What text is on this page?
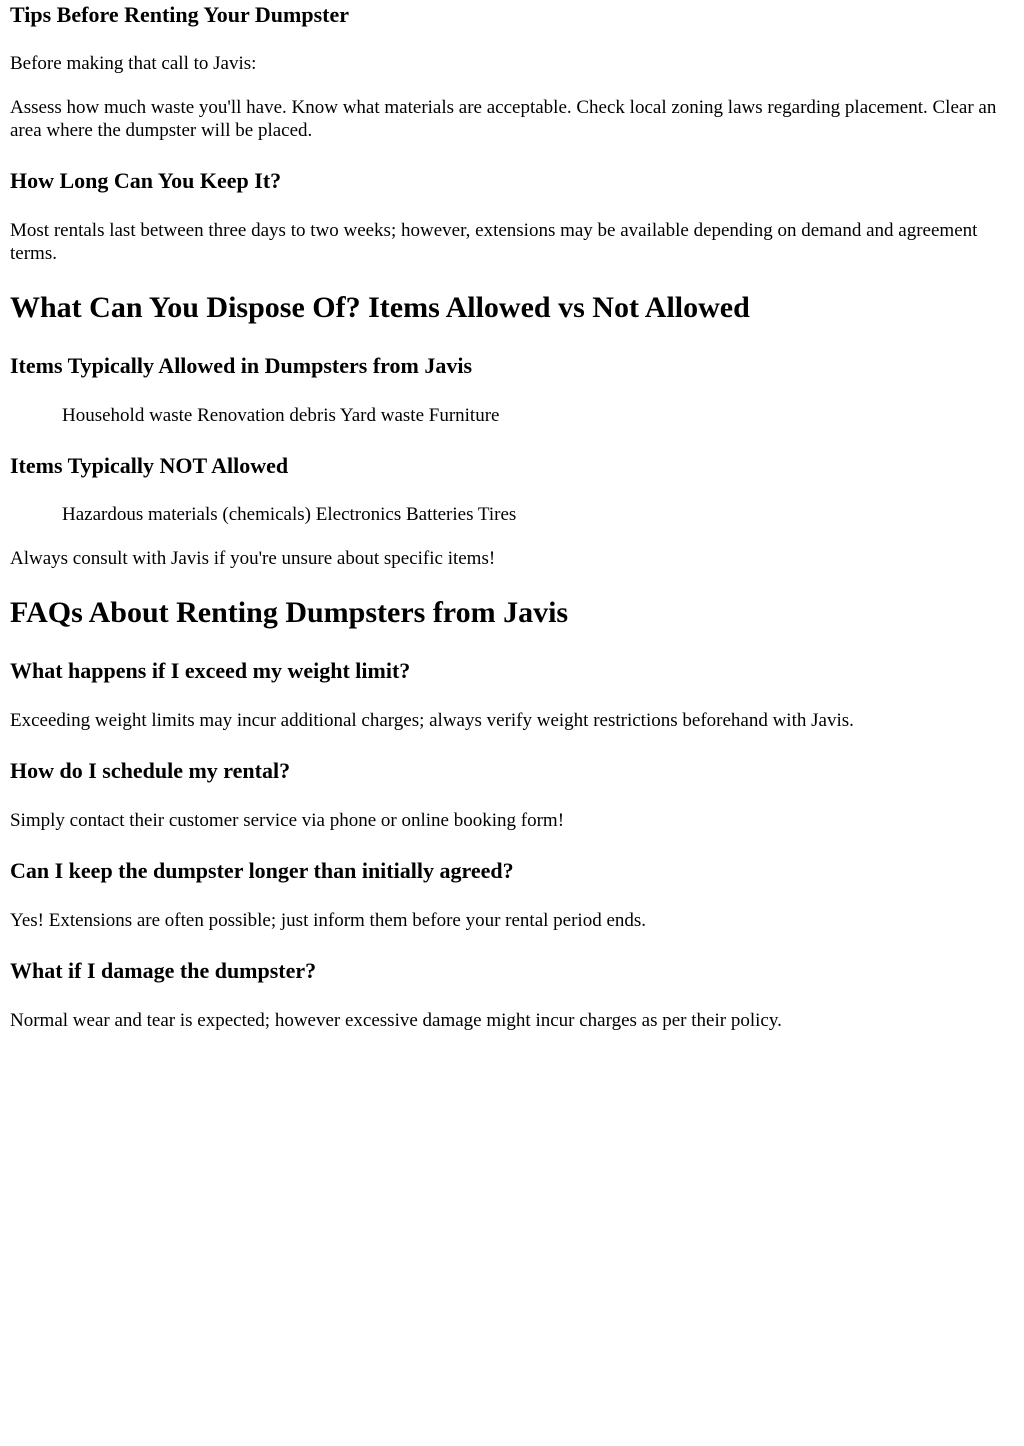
Tips Before Renting Your Dumpster

Before making that call to Javis:

Assess how much waste you'll have. Know what materials are acceptable. Check local zoning laws regarding placement. Clear an area where the dumpster will be placed.

How Long Can You Keep It?

Most rentals last between three days to two weeks; however, extensions may be available depending on demand and agreement terms.

What Can You Dispose Of? Items Allowed vs Not Allowed
Items Typically Allowed in Dumpsters from Javis

Household waste Renovation debris Yard waste Furniture

Items Typically NOT Allowed

Hazardous materials (chemicals) Electronics Batteries Tires

Always consult with Javis if you're unsure about specific items!

FAQs About Renting Dumpsters from Javis
What happens if I exceed my weight limit?

Exceeding weight limits may incur additional charges; always verify weight restrictions beforehand with Javis.

How do I schedule my rental?

Simply contact their customer service via phone or online booking form!

Can I keep the dumpster longer than initially agreed?

Yes! Extensions are often possible; just inform them before your rental period ends.

What if I damage the dumpster?

Normal wear and tear is expected; however excessive damage might incur charges as per their policy.
